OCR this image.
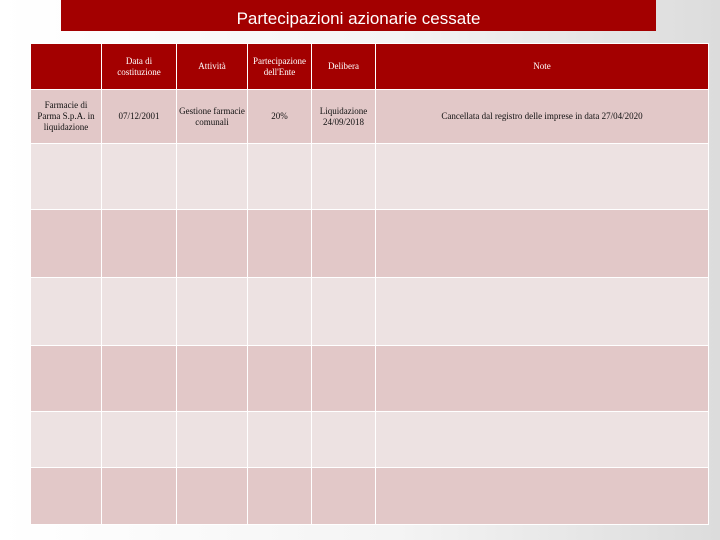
Partecipazioni azionarie cessate
	Data di costituzione	Attività	Partecipazione dell'Ente	Delibera	Note
Farmacie di Parma S.p.A. in liquidazione	07/12/2001	Gestione farmacie comunali	20%	Liquidazione 24/09/2018	Cancellata dal registro delle imprese in data 27/04/2020
